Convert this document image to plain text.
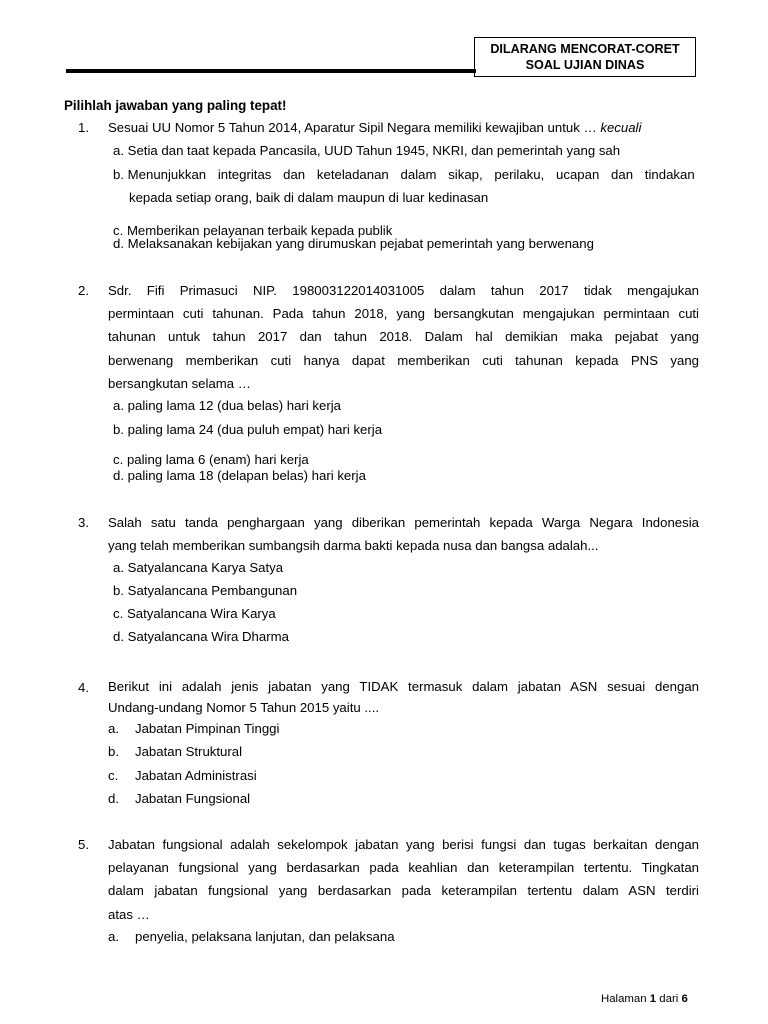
DILARANG MENCORAT-CORET
SOAL UJIAN DINAS
Pilihlah jawaban yang paling tepat!
1. Sesuai UU Nomor 5 Tahun 2014, Aparatur Sipil Negara memiliki kewajiban untuk … kecuali
a. Setia dan taat kepada Pancasila, UUD Tahun 1945, NKRI, dan pemerintah yang sah
b. Menunjukkan integritas dan keteladanan dalam sikap, perilaku, ucapan dan tindakan
kepada setiap orang, baik di dalam maupun di luar kedinasan
c. Memberikan pelayanan terbaik kepada publik
d. Melaksanakan kebijakan yang dirumuskan pejabat pemerintah yang berwenang
2. Sdr. Fifi Primasuci NIP. 198003122014031005 dalam tahun 2017 tidak mengajukan
permintaan cuti tahunan. Pada tahun 2018, yang bersangkutan mengajukan permintaan cuti
tahunan untuk tahun 2017 dan tahun 2018. Dalam hal demikian maka pejabat yang
berwenang memberikan cuti hanya dapat memberikan cuti tahunan kepada PNS yang
bersangkutan selama …
a. paling lama 12 (dua belas) hari kerja
b. paling lama 24 (dua puluh empat) hari kerja
c. paling lama 6 (enam) hari kerja
d. paling lama 18 (delapan belas) hari kerja
3. Salah satu tanda penghargaan yang diberikan pemerintah kepada Warga Negara Indonesia
yang telah memberikan sumbangsih darma bakti kepada nusa dan bangsa adalah...
a. Satyalancana Karya Satya
b. Satyalancana Pembangunan
c. Satyalancana Wira Karya
d. Satyalancana Wira Dharma
4. Berikut ini adalah jenis jabatan yang TIDAK termasuk dalam jabatan ASN sesuai dengan
Undang-undang Nomor 5 Tahun 2015 yaitu ....
a. Jabatan Pimpinan Tinggi
b. Jabatan Struktural
c. Jabatan Administrasi
d. Jabatan Fungsional
5. Jabatan fungsional adalah sekelompok jabatan yang berisi fungsi dan tugas berkaitan dengan
pelayanan fungsional yang berdasarkan pada keahlian dan keterampilan tertentu. Tingkatan
dalam jabatan fungsional yang berdasarkan pada keterampilan tertentu dalam ASN terdiri
atas …
a. penyelia, pelaksana lanjutan, dan pelaksana
Halaman 1 dari 6
